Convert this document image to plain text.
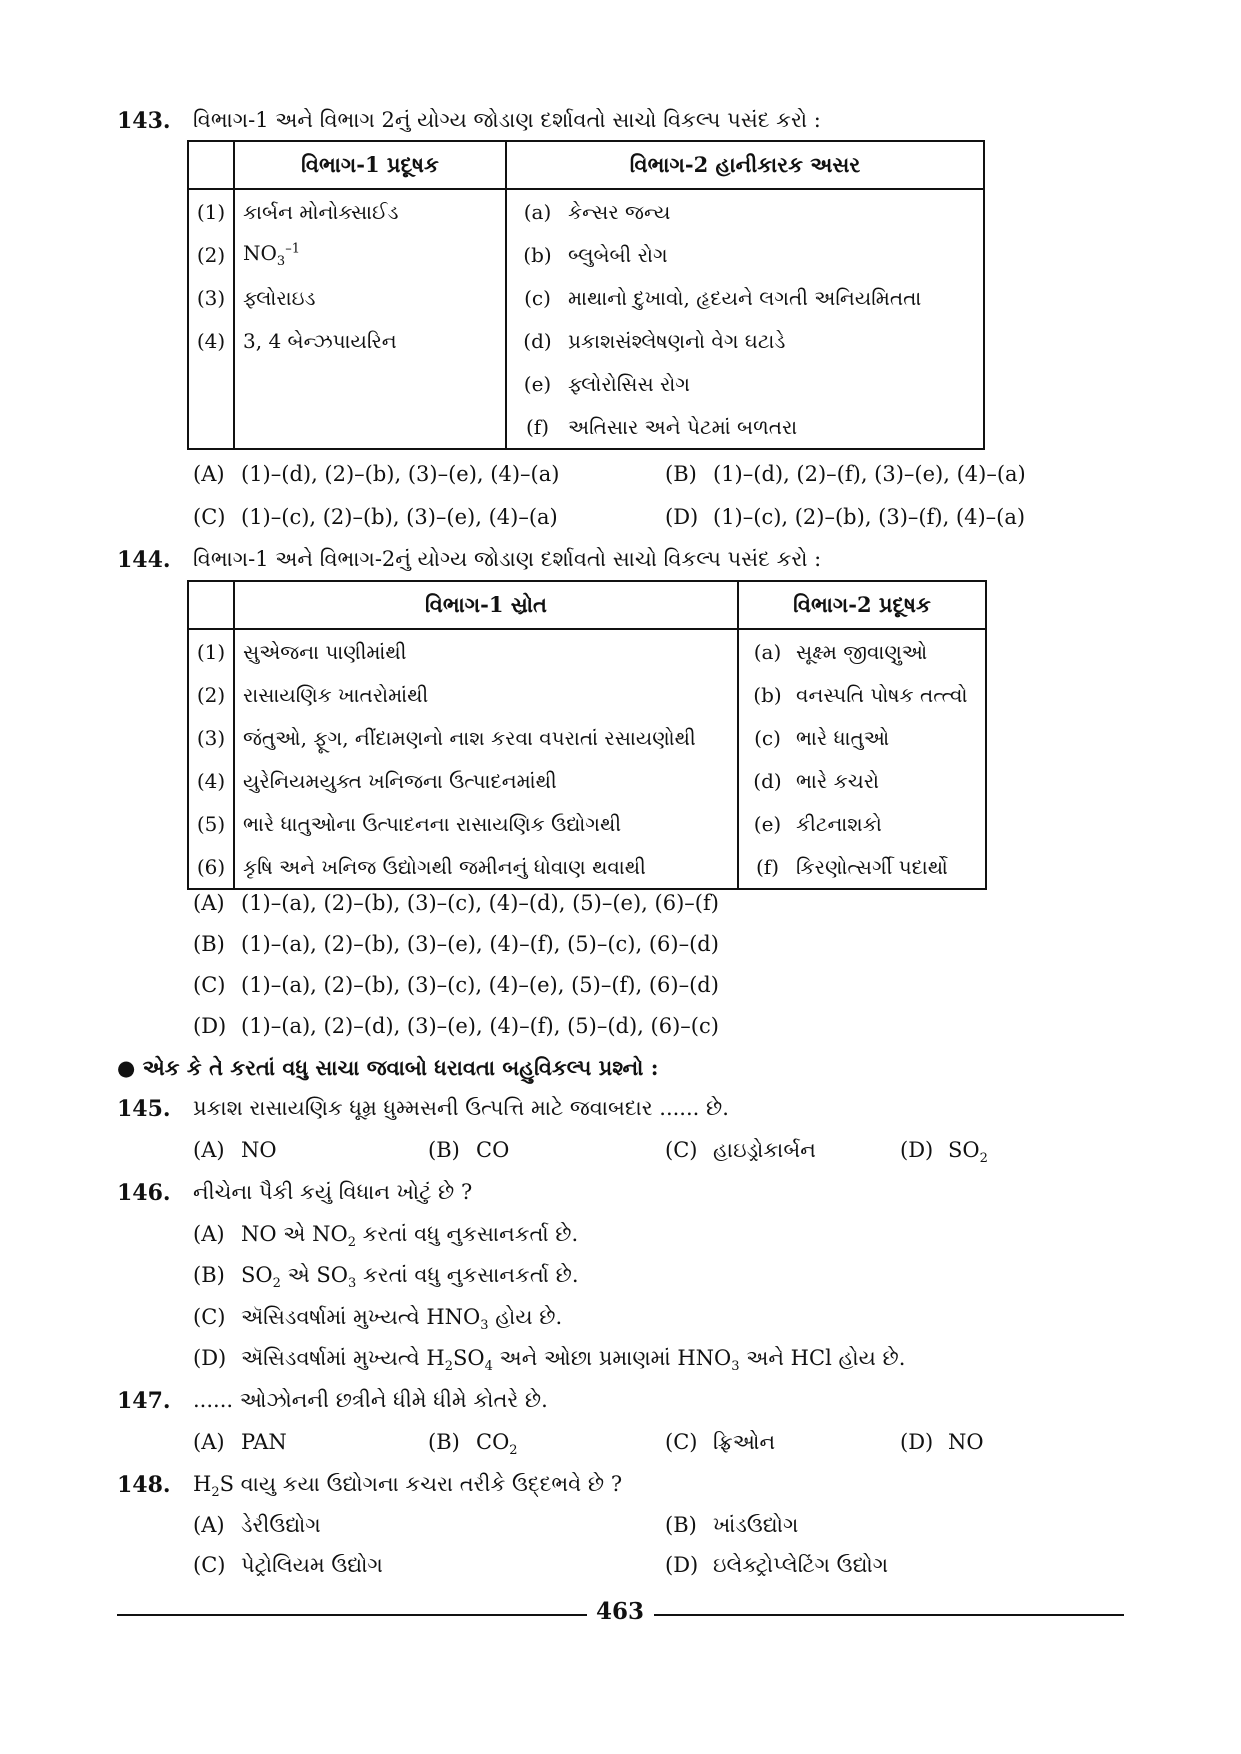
143. વિભાગ-1 અને વિભાગ 2નું યોગ્ય જોડાણ દર્શાવતો સાચો વિકલ્પ પસંદ કરો :
	વિભાગ-1 પ્રદૂષક	વિભાગ-2 હાનીકારક અસર	
(1)	કાર્બન મોનોક્સાઈડ	(a)	કેન્સર જન્ય
(2)	$NO_3^{-1}$	(b)	બ્લુબેબી રોગ
(3)	ફ્લોરાઇડ	(c)	માથાનો દુખાવો, હૃદયને લગતી અનિયમિતતા
(4)	3, 4 બેન્ઝપાયરિન	(d)	પ્રકાશસંશ્લેષણનો વેગ ઘટાડે
		(e)	ફ્લોરોસિસ રોગ
		(f)	અતિસાર અને પેટમાં બળતરા
(A) (1)–(d), (2)–(b), (3)–(e), (4)–(a)	(B) (1)–(d), (2)–(f), (3)–(e), (4)–(a)
(C) (1)–(c), (2)–(b), (3)–(e), (4)–(a)	(D) (1)–(c), (2)–(b), (3)–(f), (4)–(a)
144. વિભાગ-1 અને વિભાગ-2નું યોગ્ય જોડાણ દર્શાવતો સાચો વિકલ્પ પસંદ કરો :
	વિભાગ-1 સ્રોત	વિભાગ-2 પ્રદૂષક	
(1)	સુએજના પાણીમાંથી	(a)	સૂક્ષ્મ જીવાણુઓ
(2)	રાસાયણિક ખાતરોમાંથી	(b)	વનસ્પતિ પોષક તત્ત્વો
(3)	જંતુઓ, ફૂગ, નીંદામણનો નાશ કરવા વપરાતાં રસાયણોથી	(c)	ભારે ધાતુઓ
(4)	યુરેનિયમયુક્ત ખનિજના ઉત્પાદનમાંથી	(d)	ભારે કચરો
(5)	ભારે ધાતુઓના ઉત્પાદનના રાસાયણિક ઉદ્યોગથી	(e)	કીટનાશકો
(6)	કૃષિ અને ખનિજ ઉદ્યોગથી જમીનનું ધોવાણ થવાથી	(f)	કિરણોત્સર્ગી પદાર્થો
(A) (1)–(a), (2)–(b), (3)–(c), (4)–(d), (5)–(e), (6)–(f)
(B) (1)–(a), (2)–(b), (3)–(e), (4)–(f), (5)–(c), (6)–(d)
(C) (1)–(a), (2)–(b), (3)–(c), (4)–(e), (5)–(f), (6)–(d)
(D) (1)–(a), (2)–(d), (3)–(e), (4)–(f), (5)–(d), (6)–(c)
● એક કે તે કરતાં વધુ સાચા જવાબો ધરાવતા બહુવિકલ્પ પ્રશ્નો :
145. પ્રકાશ રાસાયણિક ધૂમ્ર ધુમ્મસની ઉત્પત્તિ માટે જવાબદાર ...... છે.
(A) NO	(B) CO	(C) હાઇડ્રોકાર્બન	(D) $SO_2$
146. નીચેના પૈકી કયું વિધાન ખોટું છે ?
(A) NO એ $NO_2$ કરતાં વધુ નુકસાનકર્તા છે.
(B) $SO_2$ એ $SO_3$ કરતાં વધુ નુકસાનકર્તા છે.
(C) ઍસિડવર્ષામાં મુખ્યત્વે $HNO_3$ હોય છે.
(D) ઍસિડવર્ષામાં મુખ્યત્વે $H_2SO_4$ અને ઓછા પ્રમાણમાં $HNO_3$ અને HCl હોય છે.
147. ...... ઓઝોનની છત્રીને ધીમે ધીમે કોતરે છે.
(A) PAN	(B) $CO_2$	(C) ફ્રિઓન	(D) NO
148. $H_2S$ વાયુ કયા ઉદ્યોગના કચરા તરીકે ઉદ્દભવે છે ?
(A) ડેરીઉદ્યોગ	(B) ખાંડઉદ્યોગ
(C) પેટ્રોલિયમ ઉદ્યોગ	(D) ઇલેક્ટ્રોપ્લેટિંગ ઉદ્યોગ
463
